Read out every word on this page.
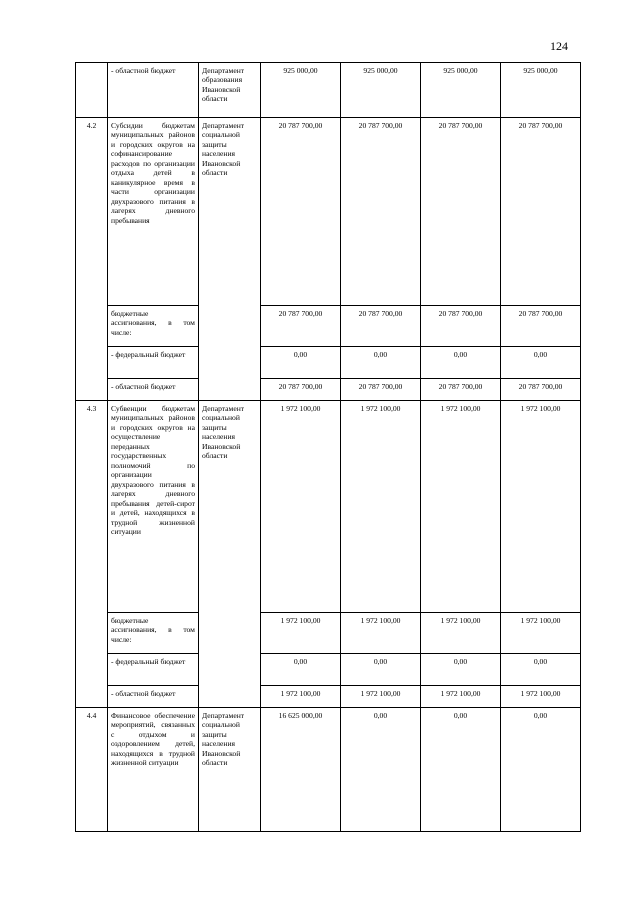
124
	- областной бюджет	Департамент образования Ивановской области	925 000,00	925 000,00	925 000,00	925 000,00
4.2	Субсидии бюджетам муниципальных районов и городских округов на софинансирование расходов по организации отдыха детей в каникулярное время в части организации двухразового питания в лагерях дневного пребывания	Департамент социальной защиты населения Ивановской области	20 787 700,00	20 787 700,00	20 787 700,00	20 787 700,00
	бюджетные ассигнования, в том числе:		20 787 700,00	20 787 700,00	20 787 700,00	20 787 700,00
	- федеральный бюджет		0,00	0,00	0,00	0,00
	- областной бюджет		20 787 700,00	20 787 700,00	20 787 700,00	20 787 700,00
4.3	Субвенции бюджетам муниципальных районов и городских округов на осуществление переданных государственных полномочий по организации двухразового питания в лагерях дневного пребывания детей-сирот и детей, находящихся в трудной жизненной ситуации	Департамент социальной защиты населения Ивановской области	1 972 100,00	1 972 100,00	1 972 100,00	1 972 100,00
	бюджетные ассигнования, в том числе:		1 972 100,00	1 972 100,00	1 972 100,00	1 972 100,00
	- федеральный бюджет		0,00	0,00	0,00	0,00
	- областной бюджет		1 972 100,00	1 972 100,00	1 972 100,00	1 972 100,00
4.4	Финансовое обеспечение мероприятий, связанных с отдыхом и оздоровлением детей, находящихся в трудной жизненной ситуации	Департамент социальной защиты населения Ивановской области	16 625 000,00	0,00	0,00	0,00
